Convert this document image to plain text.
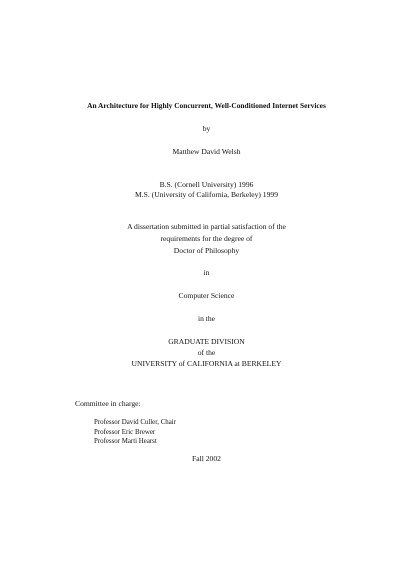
An Architecture for Highly Concurrent, Well-Conditioned Internet Services
by
Matthew David Welsh
B.S. (Cornell University) 1996
M.S. (University of California, Berkeley) 1999
A dissertation submitted in partial satisfaction of the
requirements for the degree of
Doctor of Philosophy
in
Computer Science
in the
GRADUATE DIVISION
of the
UNIVERSITY of CALIFORNIA at BERKELEY
Committee in charge:
Professor David Culler, Chair
Professor Eric Brewer
Professor Marti Hearst
Fall 2002
